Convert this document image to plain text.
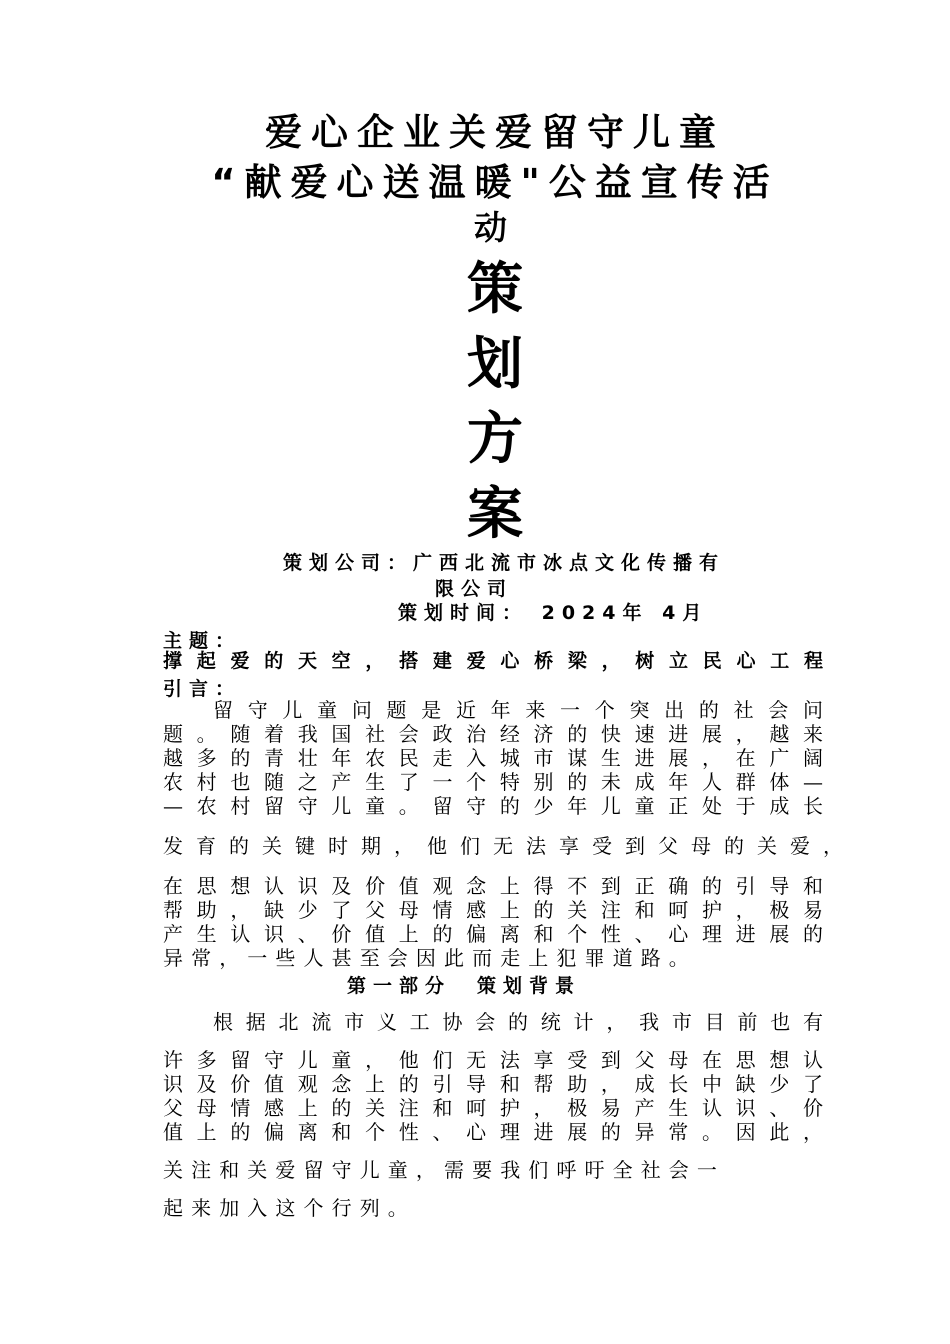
爱心企业关爱留守儿童
“献爱心送温暖"公益宣传活
动
策
划
方
案
策划公司：广西北流市冰点文化传播有
限公司
策划时间： 2024年 4月
主题：
撑起爱的天空，搭建爱心桥梁，树立民心工程
引言：
留守儿童问题是近年来一个突出的社会问
题。随着我国社会政治经济的快速进展，越来
越多的青壮年农民走入城市谋生进展，在广阔
农村也随之产生了一个特别的未成年人群体—
—农村留守儿童。留守的少年儿童正处于成长
发育的关键时期，他们无法享受到父母的关爱，
在思想认识及价值观念上得不到正确的引导和
帮助，缺少了父母情感上的关注和呵护，极易
产生认识、价值上的偏离和个性、心理进展的
异常，一些人甚至会因此而走上犯罪道路。
第一部分　策划背景
根据北流市义工协会的统计，我市目前也有
许多留守儿童，他们无法享受到父母在思想认
识及价值观念上的引导和帮助，成长中缺少了
父母情感上的关注和呵护，极易产生认识、价
值上的偏离和个性、心理进展的异常。因此，
关注和关爱留守儿童，需要我们呼吁全社会一
起来加入这个行列。
